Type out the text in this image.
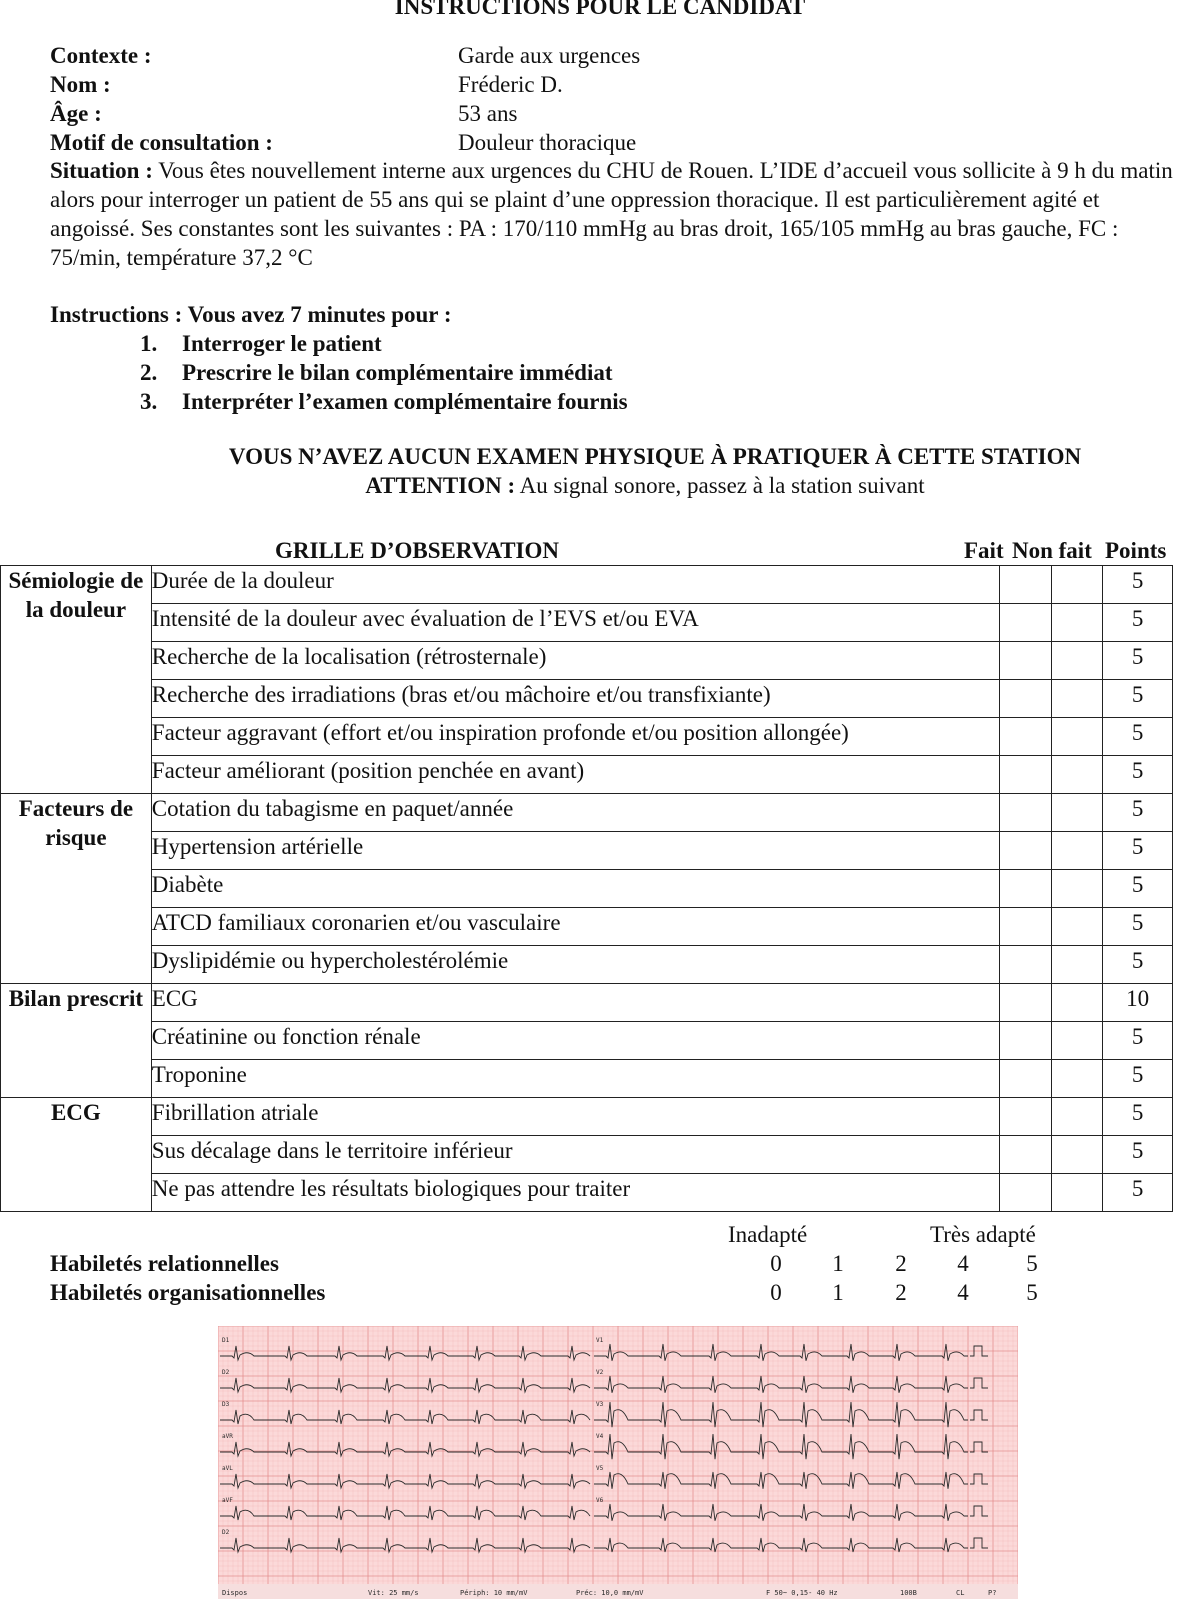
INSTRUCTIONS POUR LE CANDIDAT
Contexte :	Garde aux urgences
Nom :	Fréderic D.
Âge :	53 ans
Motif de consultation :	Douleur thoracique
Situation : Vous êtes nouvellement interne aux urgences du CHU de Rouen. L’IDE d’accueil vous sollicite à 9 h du matin alors pour interroger un patient de 55 ans qui se plaint d’une oppression thoracique. Il est particulièrement agité et angoissé. Ses constantes sont les suivantes : PA : 170/110 mmHg au bras droit, 165/105 mmHg au bras gauche, FC : 75/min, température 37,2 °C
Instructions : Vous avez 7 minutes pour :
1. Interroger le patient
2. Prescrire le bilan complémentaire immédiat
3. Interpréter l’examen complémentaire fournis
VOUS N’AVEZ AUCUN EXAMEN PHYSIQUE À PRATIQUER À CETTE STATION
ATTENTION : Au signal sonore, passez à la station suivant
GRILLE D’OBSERVATION	Fait Non fait Points
Sémiologie de la douleur	Durée de la douleur			5
	Intensité de la douleur avec évaluation de l’EVS et/ou EVA			5
	Recherche de la localisation (rétrosternale)			5
	Recherche des irradiations (bras et/ou mâchoire et/ou transfixiante)			5
	Facteur aggravant (effort et/ou inspiration profonde et/ou position allongée)			5
	Facteur améliorant (position penchée en avant)			5
Facteurs de risque	Cotation du tabagisme en paquet/année			5
	Hypertension artérielle			5
	Diabète			5
	ATCD familiaux coronarien et/ou vasculaire			5
	Dyslipidémie ou hypercholestérolémie			5
Bilan prescrit	ECG			10
	Créatinine ou fonction rénale			5
	Troponine			5
ECG	Fibrillation atriale			5
	Sus décalage dans le territoire inférieur			5
	Ne pas attendre les résultats biologiques pour traiter			5
Inadapté	Très adapté
Habiletés relationnelles	0 1 2 4	5
Habiletés organisationnelles	0 1 2 4	5
D1	V1
D2	V2
D3	V3
aVR	V4
aVL	V5
aVF	V6
D2
Dispos	Vit: 25 mm/s	Périph: 10 mm/mV	Préc: 10,0 mm/mV	F 50~ 0,15- 40 Hz	100B	CL	P?
